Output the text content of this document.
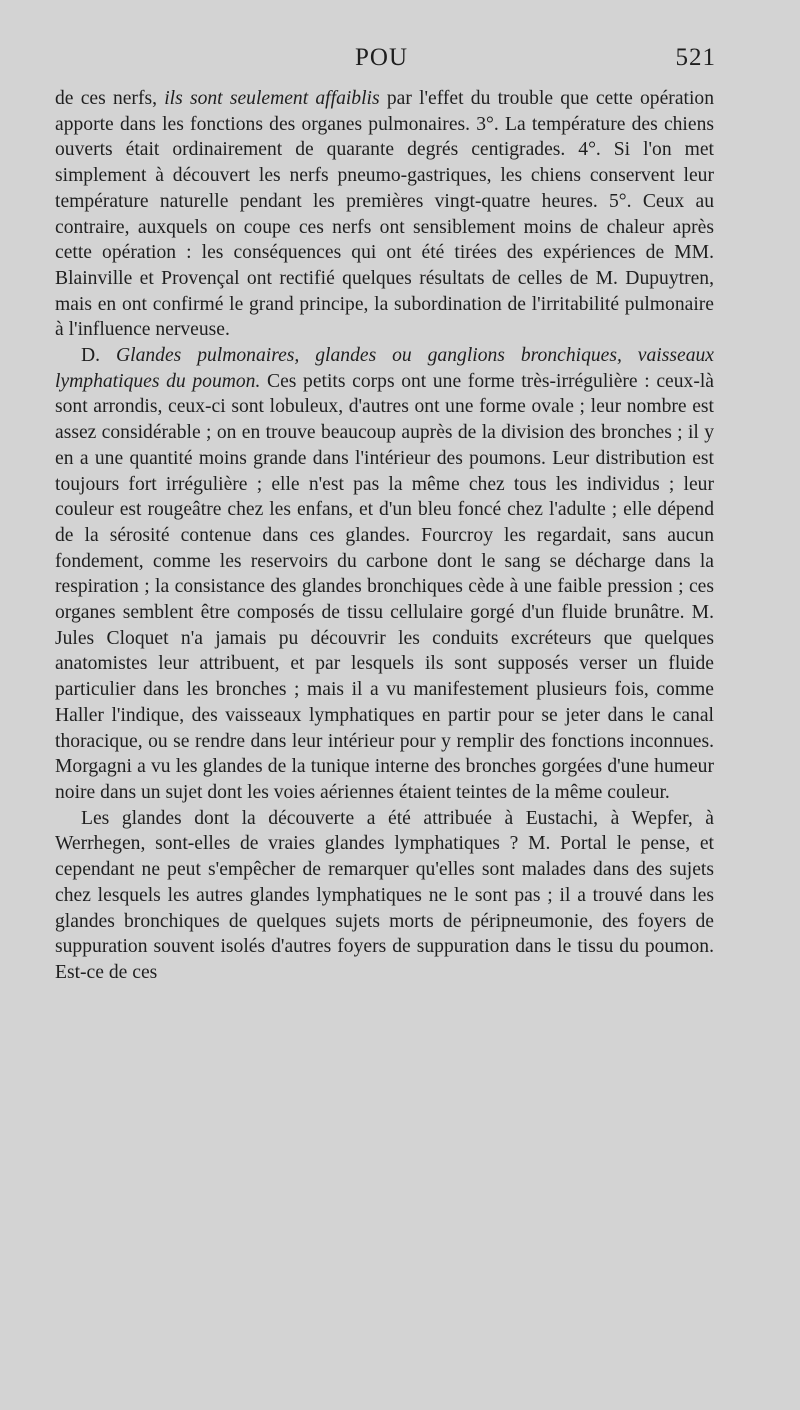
POU	521

de ces nerfs, ils sont seulement affaiblis par l'effet du trouble que cette opération apporte dans les fonctions des organes pulmonaires. 3°. La température des chiens ouverts était ordinairement de quarante degrés centigrades. 4°. Si l'on met simplement à découvert les nerfs pneumo-gastriques, les chiens conservent leur température naturelle pendant les premières vingt-quatre heures. 5°. Ceux au contraire, auxquels on coupe ces nerfs ont sensiblement moins de chaleur après cette opération : les conséquences qui ont été tirées des expériences de MM. Blainville et Provençal ont rectifié quelques résultats de celles de M. Dupuytren, mais en ont confirmé le grand principe, la subordination de l'irritabilité pulmonaire à l'influence nerveuse.

D. Glandes pulmonaires, glandes ou ganglions bronchiques, vaisseaux lymphatiques du poumon. Ces petits corps ont une forme très-irrégulière : ceux-là sont arrondis, ceux-ci sont lobuleux, d'autres ont une forme ovale ; leur nombre est assez considérable ; on en trouve beaucoup auprès de la division des bronches ; il y en a une quantité moins grande dans l'intérieur des poumons. Leur distribution est toujours fort irrégulière ; elle n'est pas la même chez tous les individus ; leur couleur est rougeâtre chez les enfans, et d'un bleu foncé chez l'adulte ; elle dépend de la sérosité contenue dans ces glandes. Fourcroy les regardait, sans aucun fondement, comme les reservoirs du carbone dont le sang se décharge dans la respiration ; la consistance des glandes bronchiques cède à une faible pression ; ces organes semblent être composés de tissu cellulaire gorgé d'un fluide brunâtre. M. Jules Cloquet n'a jamais pu découvrir les conduits excréteurs que quelques anatomistes leur attribuent, et par lesquels ils sont supposés verser un fluide particulier dans les bronches ; mais il a vu manifestement plusieurs fois, comme Haller l'indique, des vaisseaux lymphatiques en partir pour se jeter dans le canal thoracique, ou se rendre dans leur intérieur pour y remplir des fonctions inconnues. Morgagni a vu les glandes de la tunique interne des bronches gorgées d'une humeur noire dans un sujet dont les voies aériennes étaient teintes de la même couleur.

Les glandes dont la découverte a été attribuée à Eustachi, à Wepfer, à Werrhegen, sont-elles de vraies glandes lymphatiques ? M. Portal le pense, et cependant ne peut s'empêcher de remarquer qu'elles sont malades dans des sujets chez lesquels les autres glandes lymphatiques ne le sont pas ; il a trouvé dans les glandes bronchiques de quelques sujets morts de péripneumonie, des foyers de suppuration souvent isolés d'autres foyers de suppuration dans le tissu du poumon. Est-ce de ces
